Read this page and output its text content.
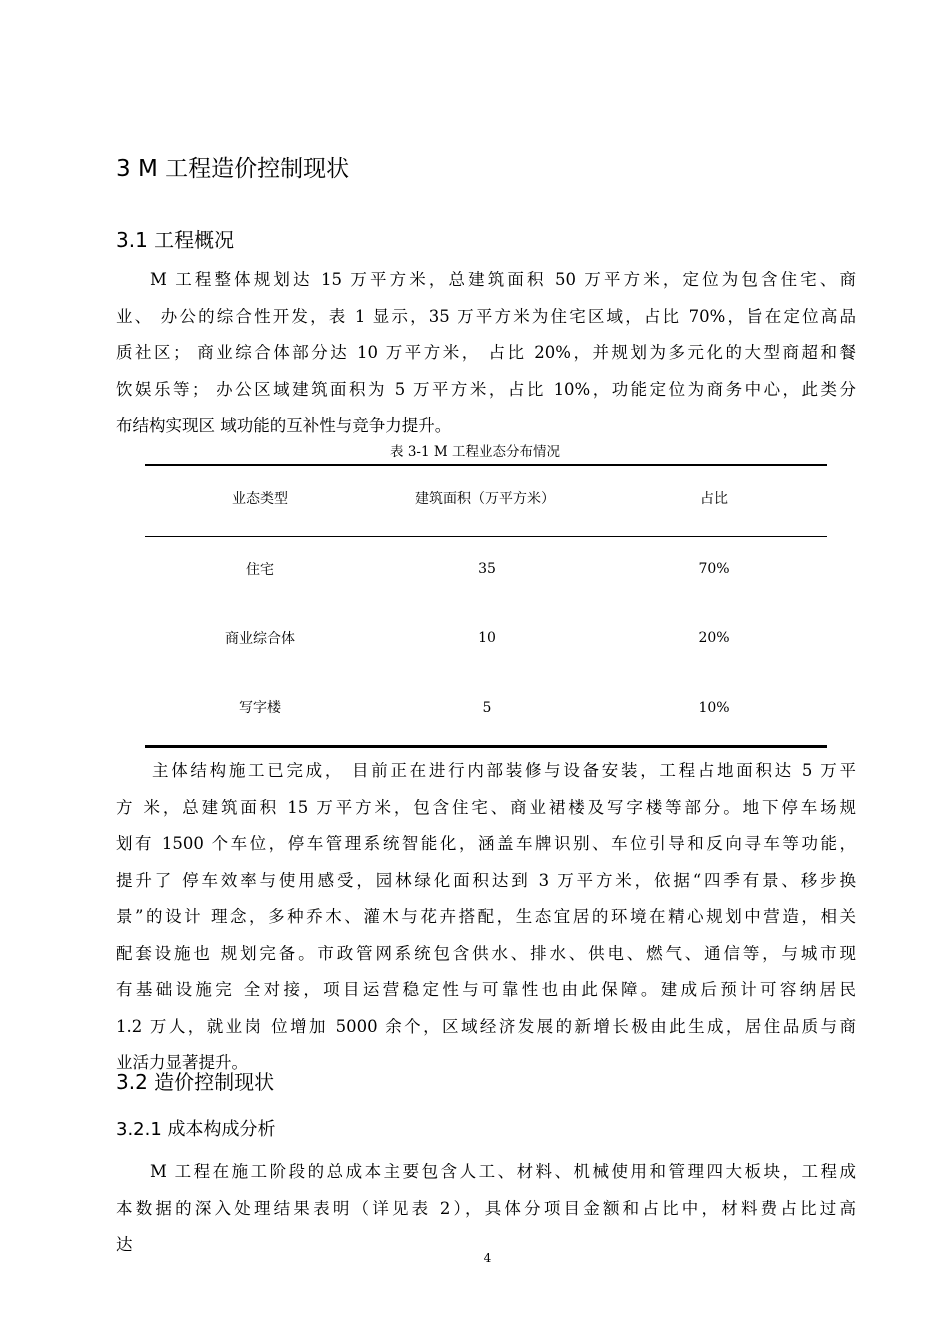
3 M 工程造价控制现状
3.1 工程概况
M 工程整体规划达 15 万平方米，总建筑面积 50 万平方米，定位为包含住宅、商
业、 办公的综合性开发，表 1 显示，35 万平方米为住宅区域，占比 70%，旨在定位高品
质社区； 商业综合体部分达 10 万平方米， 占比 20%，并规划为多元化的大型商超和餐
饮娱乐等； 办公区域建筑面积为 5 万平方米，占比 10%，功能定位为商务中心，此类分
布结构实现区 域功能的互补性与竞争力提升。
表 3-1 M 工程业态分布情况
业态类型	建筑面积（万平方米）	占比
住宅	35	70%
商业综合体	10	20%
写字楼	5	10%
主体结构施工已完成， 目前正在进行内部装修与设备安装，工程占地面积达 5 万平
方 米，总建筑面积 15 万平方米，包含住宅、商业裙楼及写字楼等部分。地下停车场规
划有 1500 个车位，停车管理系统智能化，涵盖车牌识别、车位引导和反向寻车等功能，
提升了 停车效率与使用感受，园林绿化面积达到 3 万平方米，依据“四季有景、移步换
景”的设计 理念，多种乔木、灌木与花卉搭配，生态宜居的环境在精心规划中营造，相关
配套设施也 规划完备。市政管网系统包含供水、排水、供电、燃气、通信等，与城市现
有基础设施完 全对接，项目运营稳定性与可靠性也由此保障。建成后预计可容纳居民
1.2 万人，就业岗 位增加 5000 余个，区域经济发展的新增长极由此生成，居住品质与商
业活力显著提升。
3.2 造价控制现状
3.2.1 成本构成分析
M 工程在施工阶段的总成本主要包含人工、材料、机械使用和管理四大板块，工程成
本数据的深入处理结果表明（详见表 2），具体分项目金额和占比中，材料费占比过高
达
4
